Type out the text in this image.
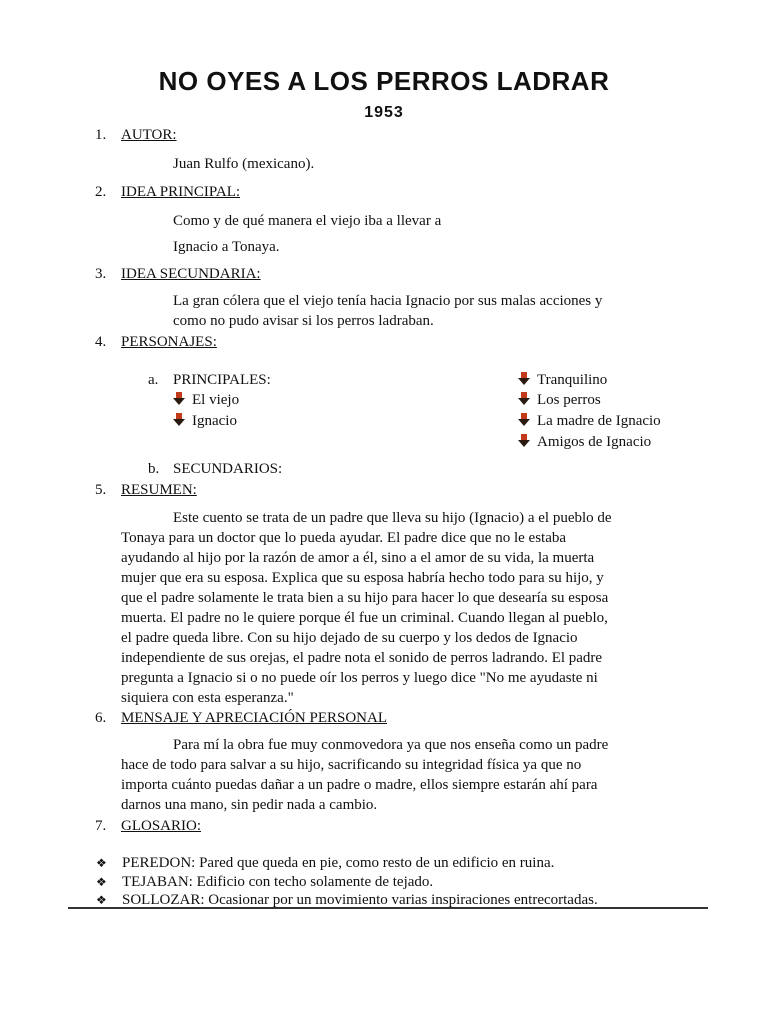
NO OYES A LOS PERROS LADRAR
1953
1. AUTOR:
Juan Rulfo (mexicano).
2. IDEA PRINCIPAL:
Como y de qué manera el viejo iba a llevar a
Ignacio a Tonaya.
3. IDEA SECUNDARIA:
La gran cólera que el viejo tenía hacia Ignacio por sus malas acciones y
como no pudo avisar si los perros ladraban.
4. PERSONAJES:
a. PRINCIPALES:
El viejo
Ignacio
Tranquilino
Los perros
La madre de Ignacio
Amigos de Ignacio
b. SECUNDARIOS:
5. RESUMEN:
Este cuento se trata de un padre que lleva su hijo (Ignacio) a el pueblo de
Tonaya para un doctor que lo pueda ayudar. El padre dice que no le estaba
ayudando al hijo por la razón de amor a él, sino a el amor de su vida, la muerta
mujer que era su esposa. Explica que su esposa habría hecho todo para su hijo, y
que el padre solamente le trata bien a su hijo para hacer lo que desearía su esposa
muerta. El padre no le quiere porque él fue un criminal. Cuando llegan al pueblo,
el padre queda libre. Con su hijo dejado de su cuerpo y los dedos de Ignacio
independiente de sus orejas, el padre nota el sonido de perros ladrando. El padre
pregunta a Ignacio si o no puede oír los perros y luego dice "No me ayudaste ni
siquiera con esta esperanza."
6. MENSAJE Y APRECIACIÓN PERSONAL
Para mí la obra fue muy conmovedora ya que nos enseña como un padre
hace de todo para salvar a su hijo, sacrificando su integridad física ya que no
importa cuánto puedas dañar a un padre o madre, ellos siempre estarán ahí para
darnos una mano, sin pedir nada a cambio.
7. GLOSARIO:
❖ PEREDON: Pared que queda en pie, como resto de un edificio en ruina.
❖ TEJABAN: Edificio con techo solamente de tejado.
❖ SOLLOZAR: Ocasionar por un movimiento varias inspiraciones entrecortadas.
